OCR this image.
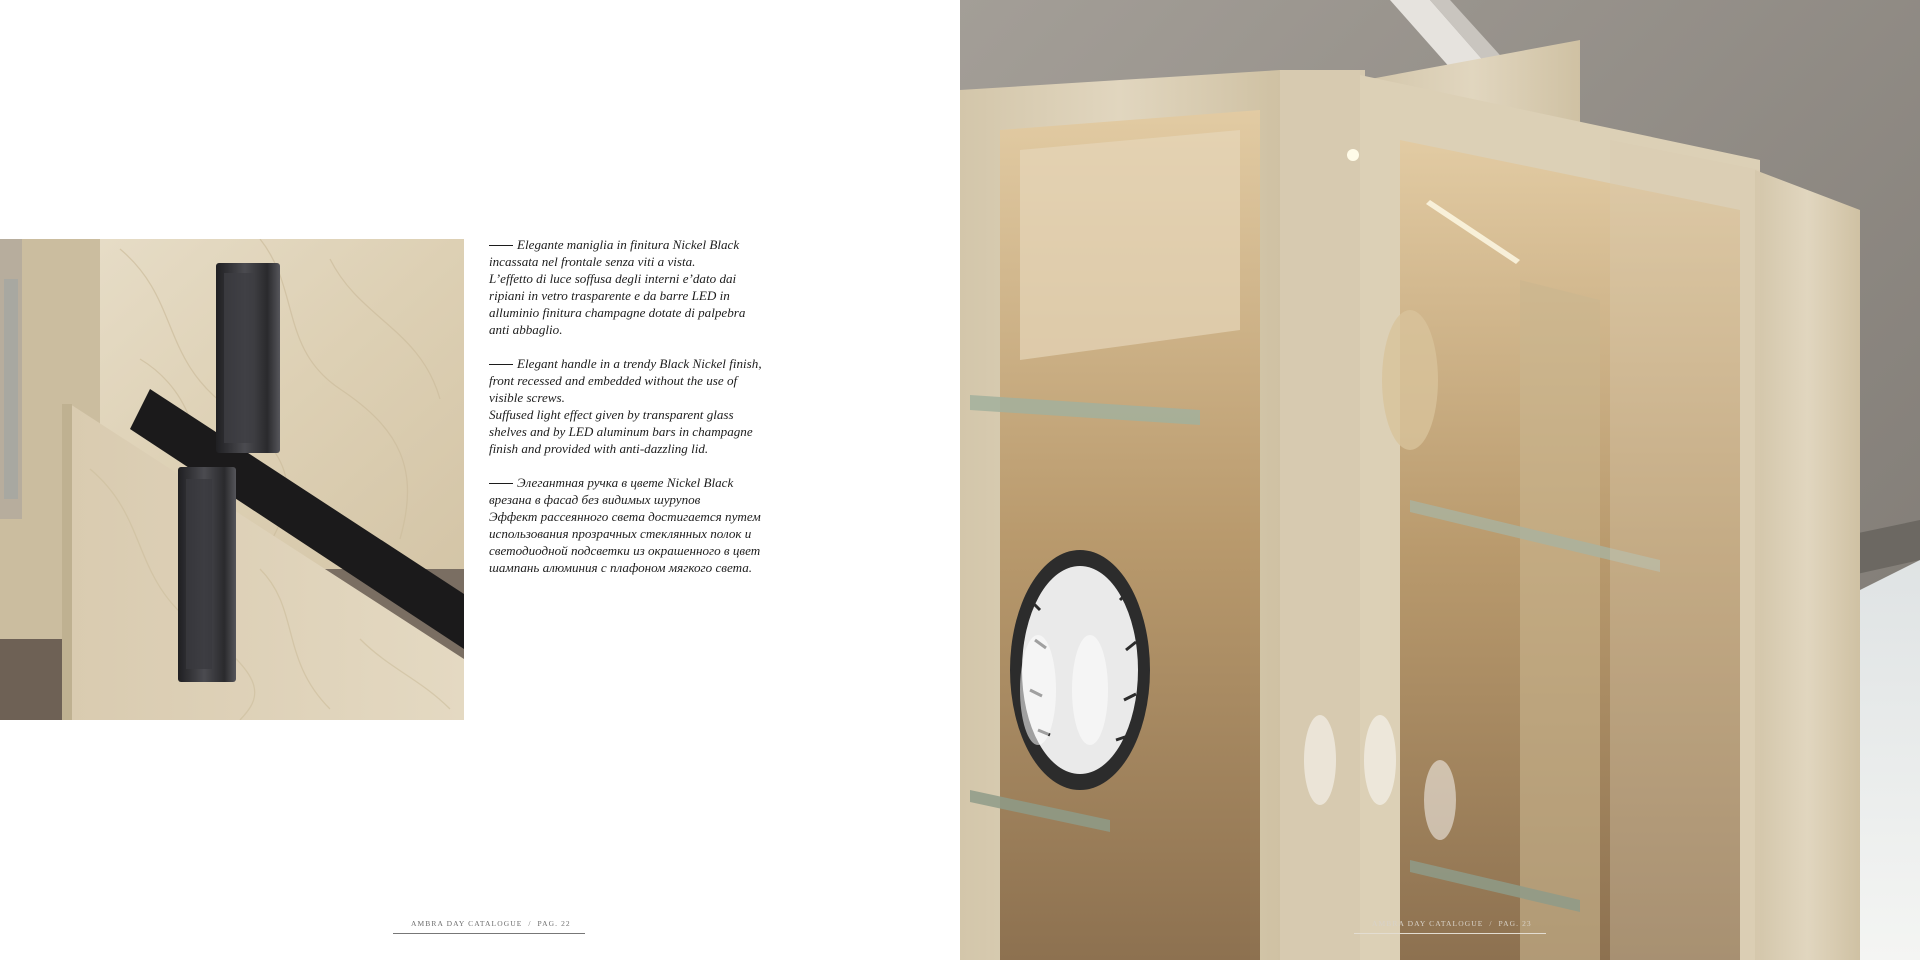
Elegante maniglia in finitura Nickel Black
incassata nel frontale senza viti a vista.
L’effetto di luce soffusa degli interni e’dato dai
ripiani in vetro trasparente e da barre LED in
alluminio finitura champagne dotate di palpebra
anti abbaglio.

Elegant handle in a trendy Black Nickel finish,
front recessed and embedded without the use of
visible screws.
Suffused light effect given by transparent glass
shelves and by LED aluminum bars in champagne
finish and provided with anti-dazzling lid.

Элегантная ручка в цвете Nickel Black
врезана в фасад без видимых шурупов
Эффект рассеянного света достигается путем
использования прозрачных стеклянных полок и
светодиодной подсветки из окрашенного в цвет
шампань алюминия с плафоном мягкого света.

AMBRA DAY CATALOGUE / PAG. 22	AMBRA DAY CATALOGUE / PAG. 23
